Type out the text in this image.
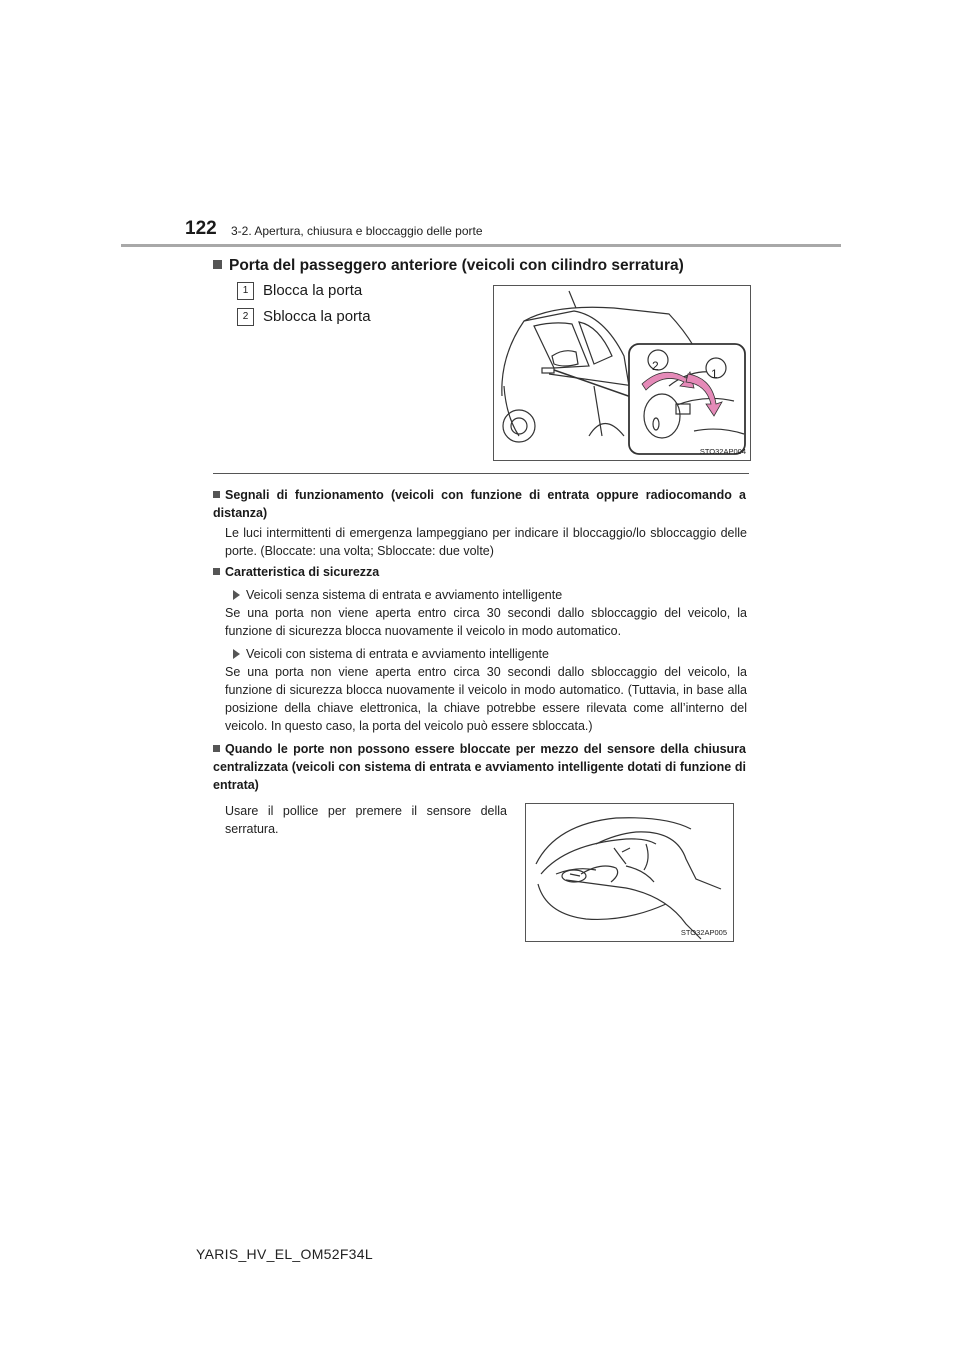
122 3-2. Apertura, chiusura e bloccaggio delle porte
Porta del passeggero anteriore (veicoli con cilindro serratura)
1 Blocca la porta
2 Sblocca la porta
2
1
STO32AP004
Segnali di funzionamento (veicoli con funzione di entrata oppure radiocomando a distanza)
Le luci intermittenti di emergenza lampeggiano per indicare il bloccaggio/lo sbloccaggio delle porte. (Bloccate: una volta; Sbloccate: due volte)
Caratteristica di sicurezza
Veicoli senza sistema di entrata e avviamento intelligente
Se una porta non viene aperta entro circa 30 secondi dallo sbloccaggio del veicolo, la funzione di sicurezza blocca nuovamente il veicolo in modo automatico.
Veicoli con sistema di entrata e avviamento intelligente
Se una porta non viene aperta entro circa 30 secondi dallo sbloccaggio del veicolo, la funzione di sicurezza blocca nuovamente il veicolo in modo automatico. (Tuttavia, in base alla posizione della chiave elettronica, la chiave potrebbe essere rilevata come all’interno del veicolo. In questo caso, la porta del veicolo può essere sbloccata.)
Quando le porte non possono essere bloccate per mezzo del sensore della chiusura centralizzata (veicoli con sistema di entrata e avviamento intelligente dotati di funzione di entrata)
Usare il pollice per premere il sensore della serratura.
STO32AP005
YARIS_HV_EL_OM52F34L
